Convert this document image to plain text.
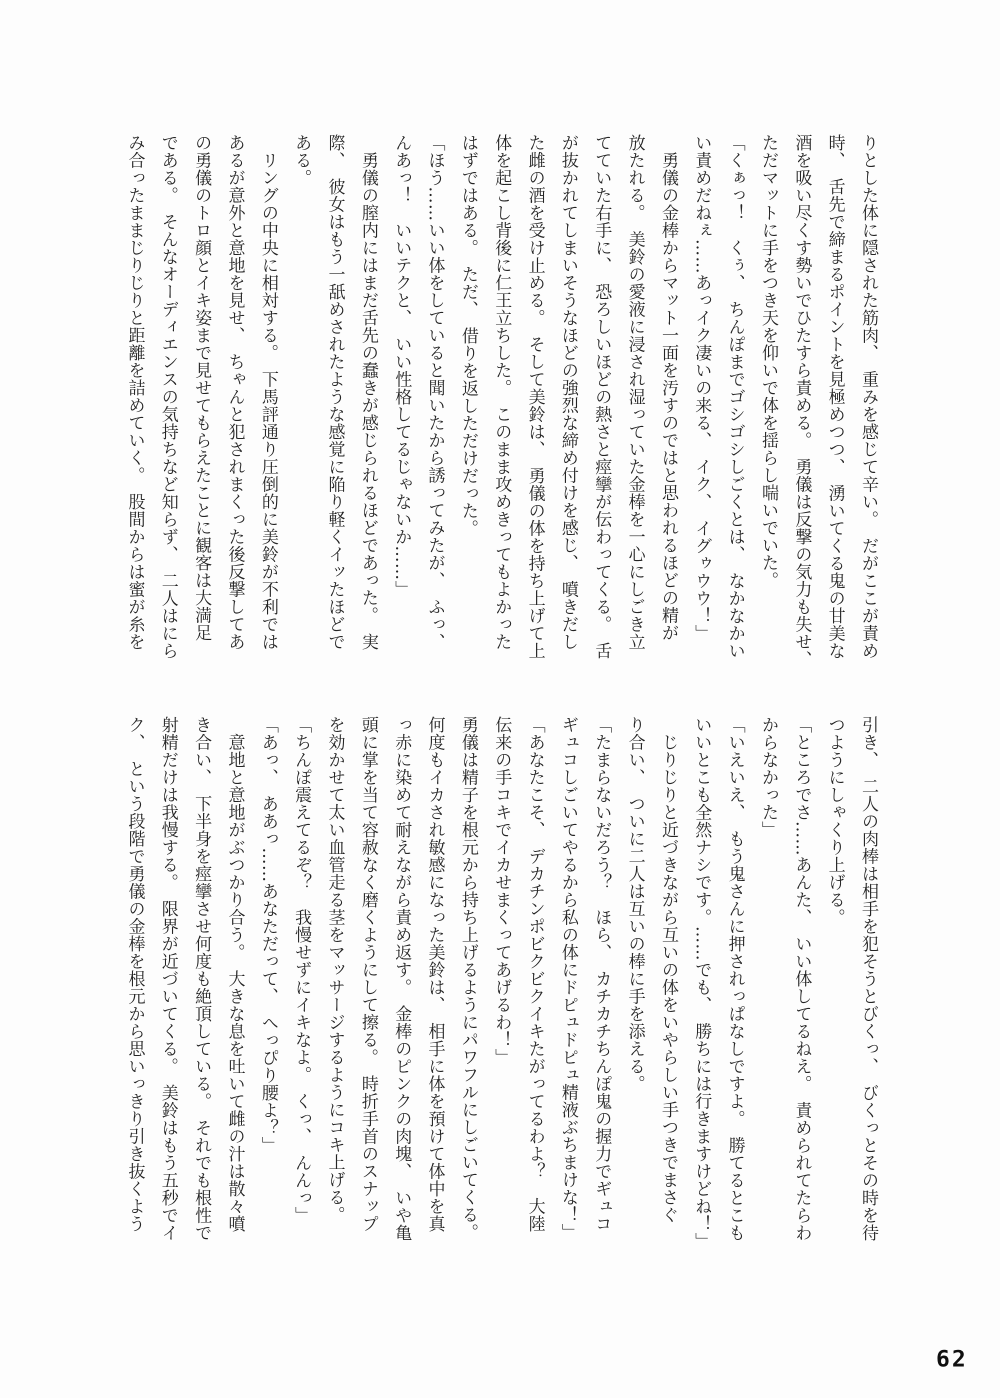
りとした体に隠された筋肉、　重みを感じて辛い。　だがここが責め
時、　舌先で締まるポイントを見極めつつ、　湧いてくる鬼の甘美な
酒を吸い尽くす勢いでひたすら責める。　勇儀は反撃の気力も失せ、
ただマットに手をつき天を仰いで体を揺らし喘いでいた。
「くぁっ！　くぅ、　ちんぽまでゴシゴシしごくとは、　なかなかい
い責めだねぇ……あっイク凄いの来る、　イク、　イグゥウウ！」
　勇儀の金棒からマット一面を汚すのではと思われるほどの精が
放たれる。　美鈴の愛液に浸され湿っていた金棒を一心にしごき立
てていた右手に、　恐ろしいほどの熱さと痙攣が伝わってくる。　舌
が抜かれてしまいそうなほどの強烈な締め付けを感じ、　噴きだし
た雌の酒を受け止める。　そして美鈴は、　勇儀の体を持ち上げて上
体を起こし背後に仁王立ちした。　このまま攻めきってもよかった
はずではある。　ただ、　借りを返しただけだった。
「ほう……いい体をしていると聞いたから誘ってみたが、　ふっ、
んあっ！　いいテクと、　いい性格してるじゃないか……」
　勇儀の膣内にはまだ舌先の蠢きが感じられるほどであった。　実
際、　彼女はもう一舐めされたような感覚に陥り軽くイッたほどで
ある。
　リングの中央に相対する。　下馬評通り圧倒的に美鈴が不利では
あるが意外と意地を見せ、　ちゃんと犯されまくった後反撃してあ
の勇儀のトロ顔とイキ姿まで見せてもらえたことに観客は大満足
である。　そんなオーディエンスの気持ちなど知らず、　二人はにら
み合ったままじりじりと距離を詰めていく。　股間からは蜜が糸を
引き、　二人の肉棒は相手を犯そうとびくっ、　びくっとその時を待
つようにしゃくり上げる。
「ところでさ……あんた、　いい体してるねえ。　責められてたらわ
からなかった」
「いえいえ、　もう鬼さんに押されっぱなしですよ。　勝てるとこも
いいとこも全然ナシです。……でも、　勝ちには行きますけどね！」
　じりじりと近づきながら互いの体をいやらしい手つきでまさぐ
り合い、　ついに二人は互いの棒に手を添える。
「たまらないだろう？　ほら、　カチカチちんぽ鬼の握力でギュコ
ギュコしごいてやるから私の体にドピュドピュ精液ぶちまけな！」
「あなたこそ、　デカチンポビクビクイキたがってるわよ？　大陸
伝来の手コキでイカせまくってあげるわ！」
勇儀は精子を根元から持ち上げるようにパワフルにしごいてくる。
何度もイカされ敏感になった美鈴は、　相手に体を預けて体中を真
っ赤に染めて耐えながら責め返す。　金棒のピンクの肉塊、　いや亀
頭に掌を当て容赦なく磨くようにして擦る。　時折手首のスナップ
を効かせて太い血管走る茎をマッサージするようにコキ上げる。
「ちんぽ震えてるぞ？　我慢せずにイキなよ。　くっ、　んんっ」
「あっ、　ああっ……あなただって、　へっぴり腰よ？」
　意地と意地がぶつかり合う。　大きな息を吐いて雌の汁は散々噴
き合い、　下半身を痙攣させ何度も絶頂している。　それでも根性で
射精だけは我慢する。　限界が近づいてくる。　美鈴はもう五秒でイ
ク、　という段階で勇儀の金棒を根元から思いっきり引き抜くよう
62
